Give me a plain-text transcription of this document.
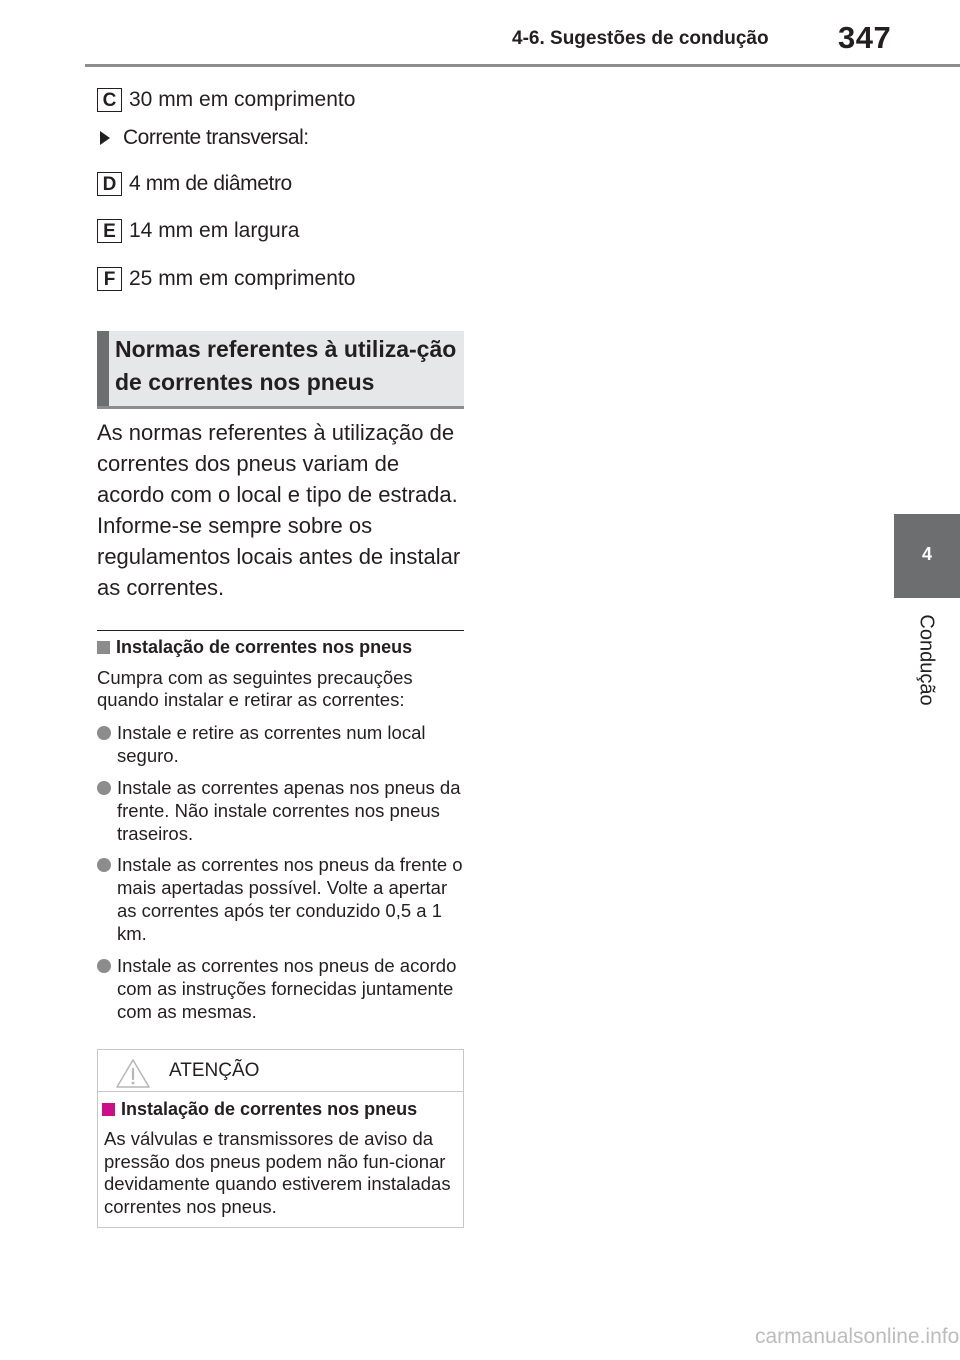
4-6. Sugestões de condução 347
4
Condução
C 30 mm em comprimento
Corrente transversal:
D 4 mm de diâmetro
E 14 mm em largura
F 25 mm em comprimento
Normas referentes à utiliza-ção de correntes nos pneus
As normas referentes à utilização de correntes dos pneus variam de acordo com o local e tipo de estrada. Informe-se sempre sobre os regulamentos locais antes de instalar as correntes.
Instalação de correntes nos pneus
Cumpra com as seguintes precauções quando instalar e retirar as correntes:
Instale e retire as correntes num local seguro.
Instale as correntes apenas nos pneus da frente. Não instale correntes nos pneus traseiros.
Instale as correntes nos pneus da frente o mais apertadas possível. Volte a apertar as correntes após ter conduzido 0,5 a 1 km.
Instale as correntes nos pneus de acordo com as instruções fornecidas juntamente com as mesmas.
ATENÇÃO
Instalação de correntes nos pneus
As válvulas e transmissores de aviso da pressão dos pneus podem não fun-cionar devidamente quando estiverem instaladas correntes nos pneus.
carmanualsonline.info
